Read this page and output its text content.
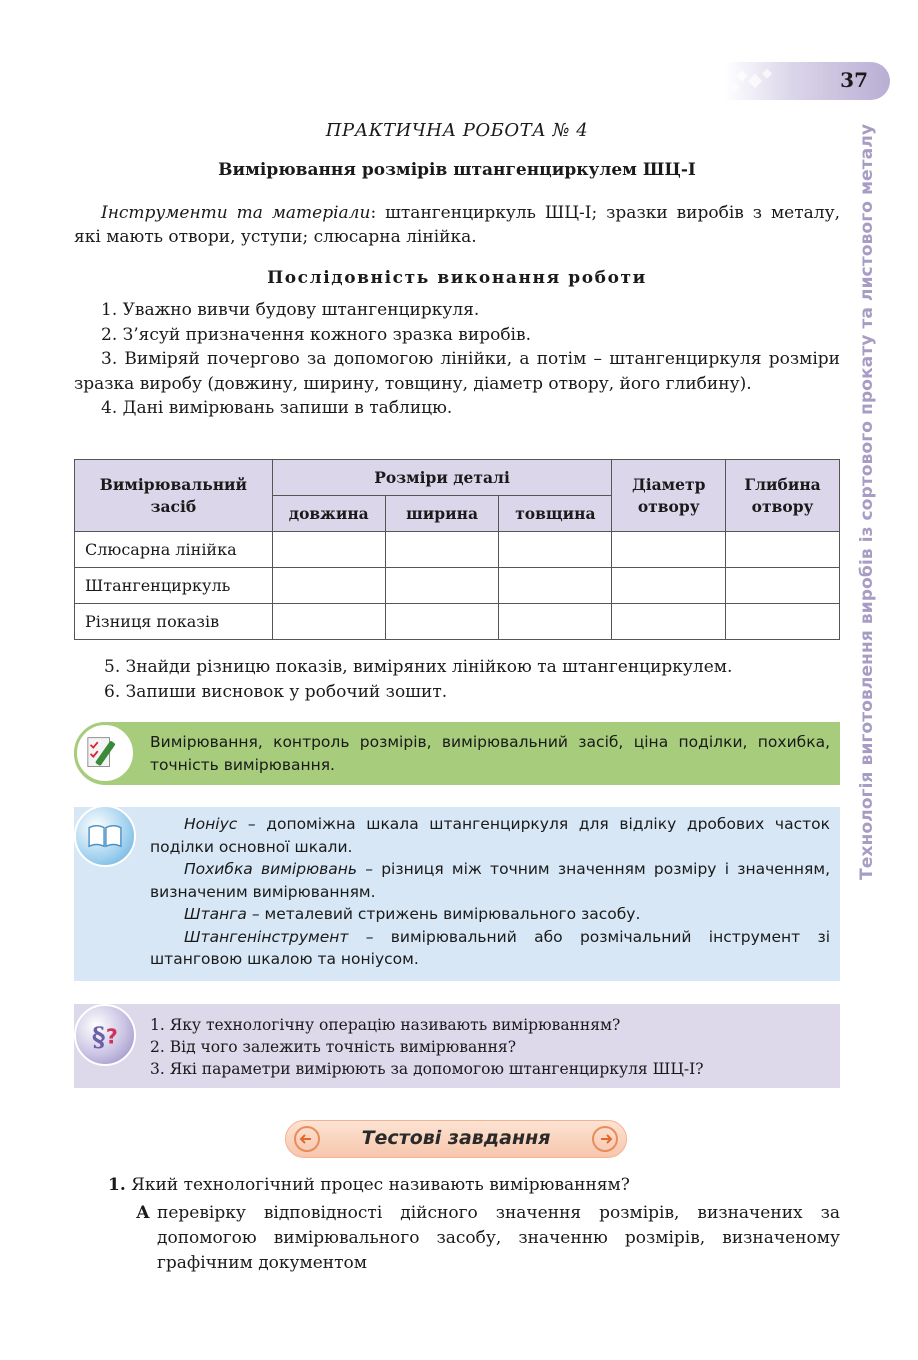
37
Технологія виготовлення виробів із сортового прокату та листового металу
ПРАКТИЧНА РОБОТА № 4
Вимірювання розмірів штангенциркулем ШЦ-І
Інструменти та матеріали: штангенциркуль ШЦ-І; зразки виробів з металу, які мають отвори, уступи; слюсарна лінійка.
Послідовність виконання роботи

1. Уважно вивчи будову штангенциркуля.

2. З’ясуй призначення кожного зразка виробів.

3. Виміряй почергово за допомогою лінійки, а потім – штангенциркуля розміри зразка виробу (довжину, ширину, товщину, діаметр отвору, його глибину).

4. Дані вимірювань запиши в таблицю.

Вимірювальний засіб	Розміри деталі			Діаметр отвору	Глибина отвору
	довжина	ширина	товщина		
Слюсарна лінійка					
Штангенциркуль					
Різниця показів					

5. Знайди різницю показів, виміряних лінійкою та штангенциркулем.

6. Запиши висновок у робочий зошит.

Вимірювання, контроль розмірів, вимірювальний засіб, ціна поділки, похибка, точність вимірювання.

Ноніус – допоміжна шкала штангенциркуля для відліку дробових часток поділки основної шкали.

Похибка вимірювань – різниця між точним значенням розміру і значенням, визначеним вимірюванням.

Штанга – металевий стрижень вимірювального засобу.

Штангенінструмент – вимірювальний або розмічальний інструмент зі штанговою шкалою та ноніусом.

§ ? 1. Яку технологічну операцію називають вимірюванням?

2. Від чого залежить точність вимірювання?

3. Які параметри вимірюють за допомогою штангенциркуля ШЦ-І?

Тестові завдання
1. Який технологічний процес називають вимірюванням?
А перевірку відповідності дійсного значення розмірів, визначених за допомогою вимірювального засобу, значенню розмірів, визначеному графічним документом
